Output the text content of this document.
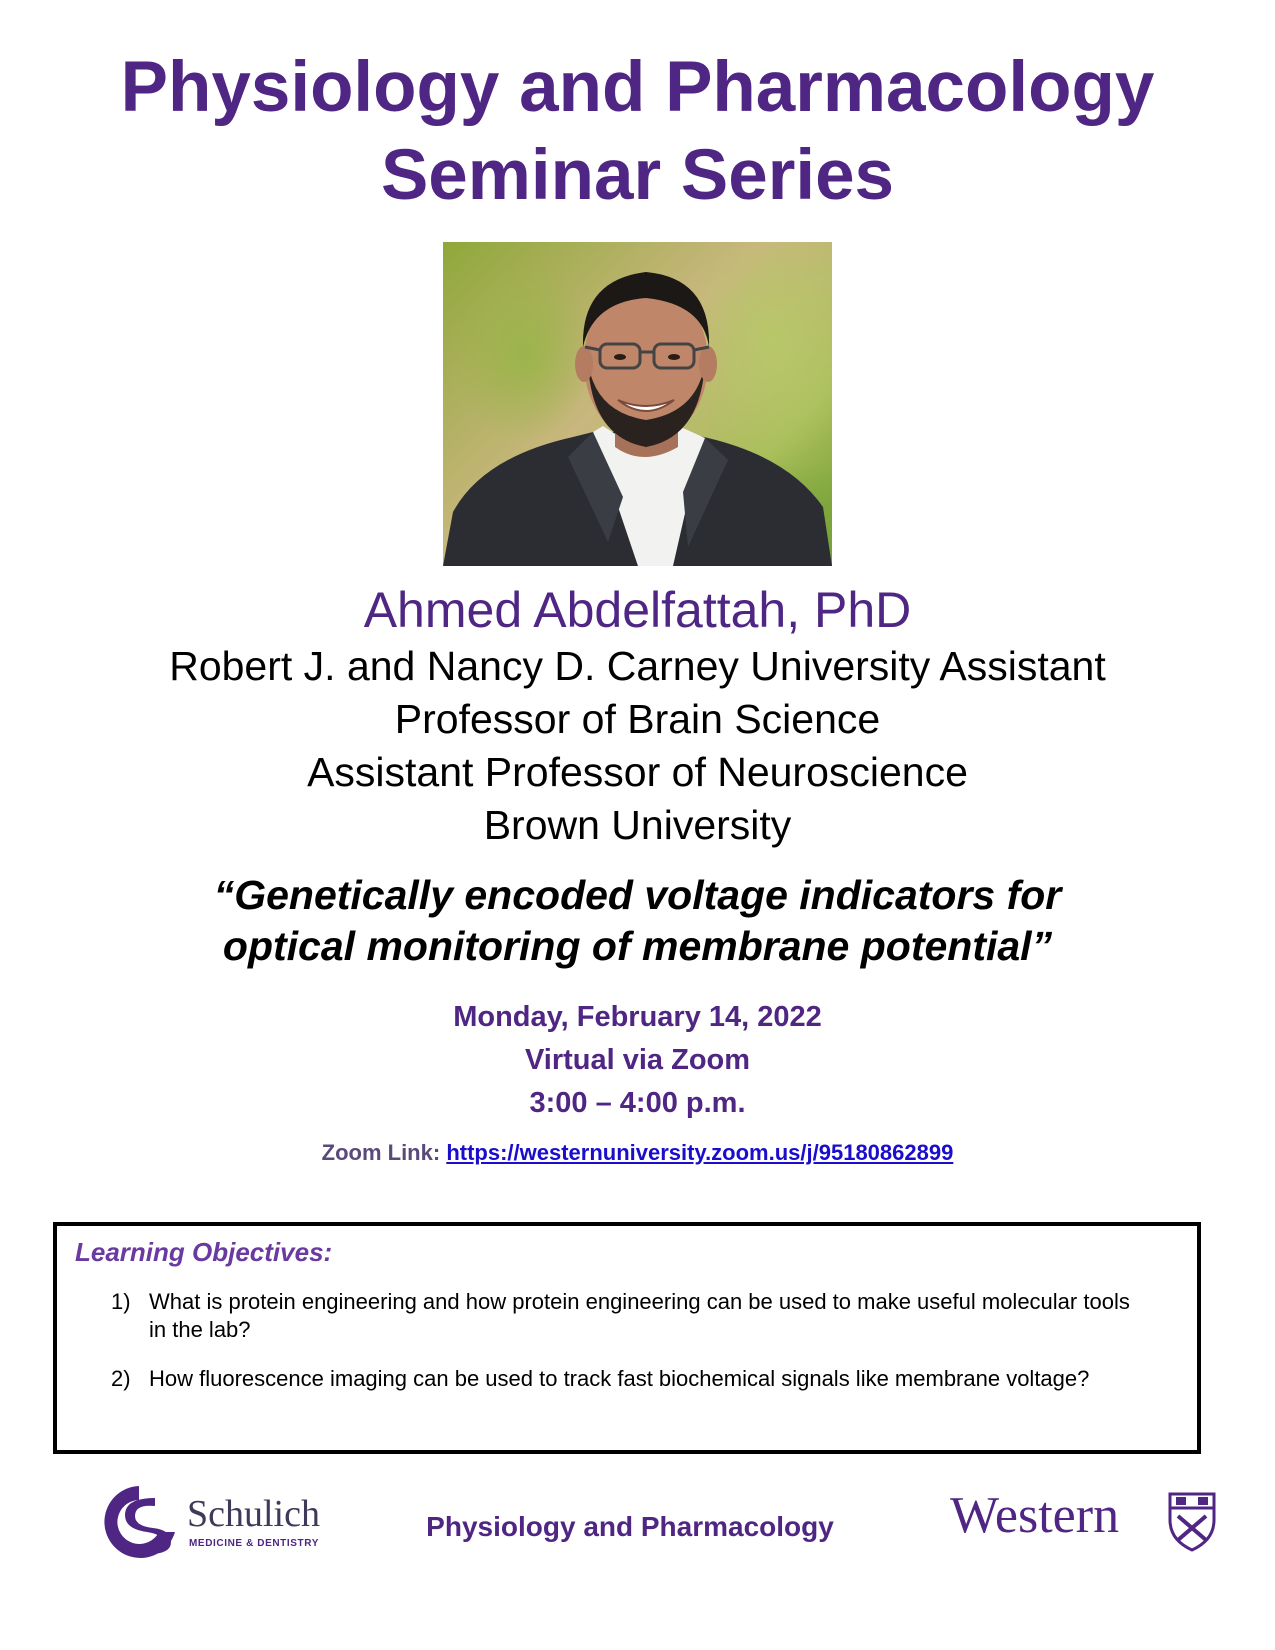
Physiology and Pharmacology
Seminar Series
Ahmed Abdelfattah, PhD
Robert J. and Nancy D. Carney University Assistant
Professor of Brain Science
Assistant Professor of Neuroscience
Brown University
“Genetically encoded voltage indicators for
optical monitoring of membrane potential”
Monday, February 14, 2022
Virtual via Zoom
3:00 – 4:00 p.m.
Zoom Link: https://westernuniversity.zoom.us/j/95180862899
Learning Objectives:
1) What is protein engineering and how protein engineering can be used to make useful molecular tools in the lab?
2) How fluorescence imaging can be used to track fast biochemical signals like membrane voltage?
Schulich
MEDICINE & DENTISTRY
Physiology and Pharmacology	Western
